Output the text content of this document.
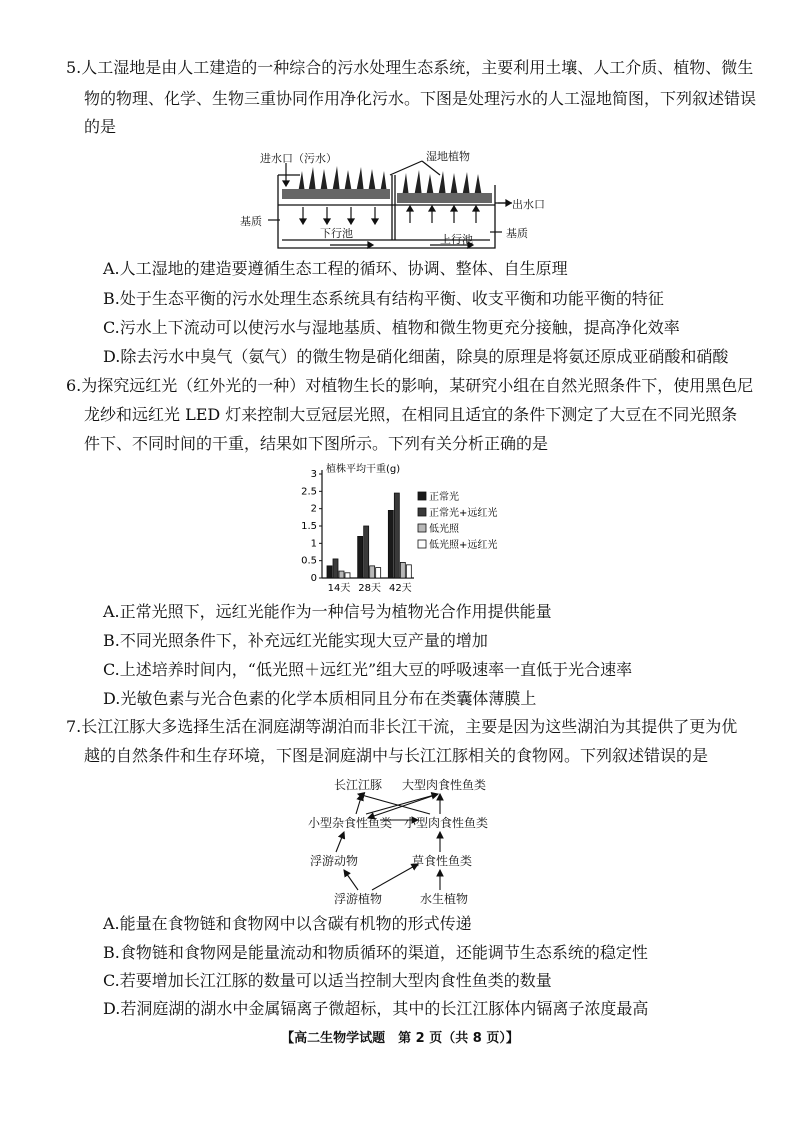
5.人工湿地是由人工建造的一种综合的污水处理生态系统，主要利用土壤、人工介质、植物、微生
物的物理、化学、生物三重协同作用净化污水。下图是处理污水的人工湿地简图，下列叙述错误
的是
进水口（污水）	湿地植物
出水口
基质
基质
下行池	上行池
A.人工湿地的建造要遵循生态工程的循环、协调、整体、自生原理
B.处于生态平衡的污水处理生态系统具有结构平衡、收支平衡和功能平衡的特征
C.污水上下流动可以使污水与湿地基质、植物和微生物更充分接触，提高净化效率
D.除去污水中臭气（氨气）的微生物是硝化细菌，除臭的原理是将氨还原成亚硝酸和硝酸
6.为探究远红光（红外光的一种）对植物生长的影响，某研究小组在自然光照条件下，使用黑色尼
龙纱和远红光 LED 灯来控制大豆冠层光照，在相同且适宜的条件下测定了大豆在不同光照条
件下、不同时间的干重，结果如下图所示。下列有关分析正确的是
植株平均干重(g)
0
0.5
1
1.5
2
2.5
3
14天 28天 42天
正常光
正常光+远红光
低光照
低光照+远红光
A.正常光照下，远红光能作为一种信号为植物光合作用提供能量
B.不同光照条件下，补充远红光能实现大豆产量的增加
C.上述培养时间内，“低光照＋远红光”组大豆的呼吸速率一直低于光合速率
D.光敏色素与光合色素的化学本质相同且分布在类囊体薄膜上
7.长江江豚大多选择生活在洞庭湖等湖泊而非长江干流，主要是因为这些湖泊为其提供了更为优
越的自然条件和生存环境，下图是洞庭湖中与长江江豚相关的食物网。下列叙述错误的是
长江江豚 大型肉食性鱼类
小型杂食性鱼类 小型肉食性鱼类
浮游动物	草食性鱼类
浮游植物	水生植物
A.能量在食物链和食物网中以含碳有机物的形式传递
B.食物链和食物网是能量流动和物质循环的渠道，还能调节生态系统的稳定性
C.若要增加长江江豚的数量可以适当控制大型肉食性鱼类的数量
D.若洞庭湖的湖水中金属镉离子微超标，其中的长江江豚体内镉离子浓度最高
【高二生物学试题　第 2 页（共 8 页）】
